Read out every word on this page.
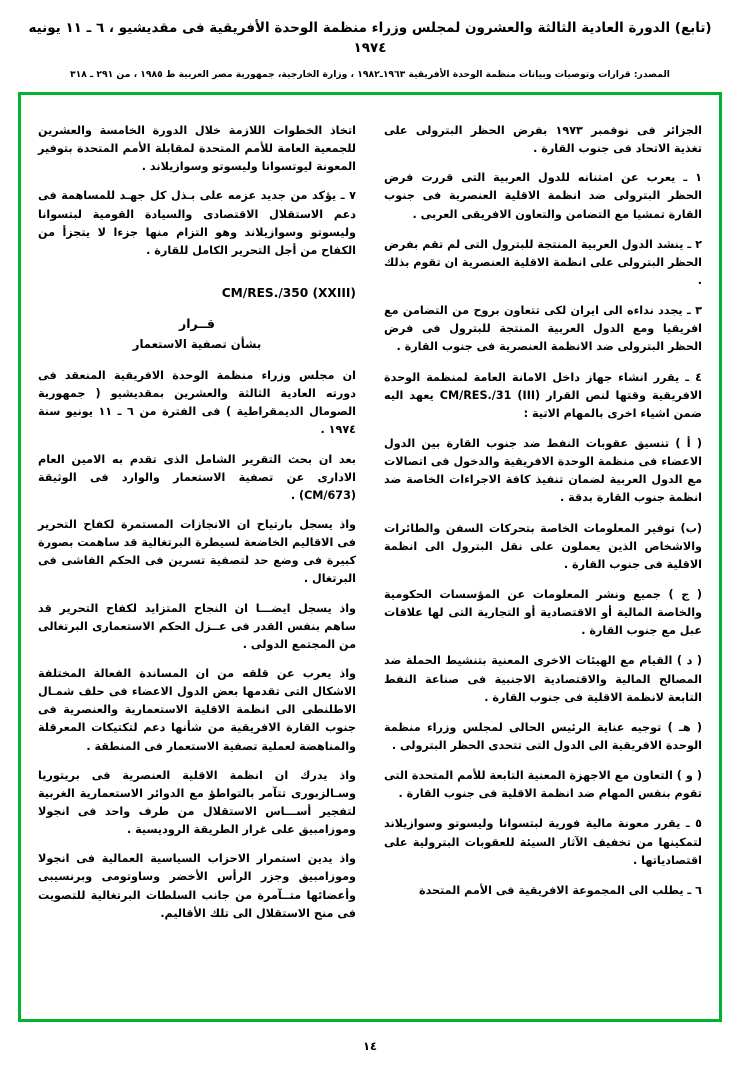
(تابع) الدورة العادية الثالثة والعشرون لمجلس وزراء منظمة الوحدة الأفريقية فى مقديشيو ، ٦ ـ ١١ يونيه ١٩٧٤
المصدر: قرارات وتوصيات وبيانات منظمة الوحدة الأفريقية ١٩٦٣ـ١٩٨٢ ، وزارة الخارجية، جمهورية مصر العربية ط ١٩٨٥ ، من ٢٩١ ـ ٣١٨
الجزائر فى نوفمبر ١٩٧٣ بفرض الحظر البترولى على تغذية الاتحاد فى جنوب القارة .
١ ـ يعرب عن امتنانه للدول العربية التى قررت فرض الحظر البترولى ضد انظمة الاقلية العنصرية فى جنوب القارة تمشيا مع التضامن والتعاون الافريقى العربى .
٢ ـ ينشد الدول العربية المنتجة للبترول التى لم تقم بفرض الحظر البترولى على انظمة الاقلية العنصرية ان تقوم بذلك .
٣ ـ يجدد نداءه الى ايران لكى تتعاون بروح من التضامن مع افريقيا ومع الدول العربية المنتجة للبترول فى فرض الحظر البترولى ضد الانظمة العنصرية فى جنوب القارة .
٤ ـ يقرر انشاء جهاز داخل الامانة العامة لمنظمة الوحدة الافريقية وقتها لنص القرار CM/RES./31 (III) يعهد اليه ضمن اشياء اخرى بالمهام الاتية :
( أ ) تنسيق عقوبات النفط ضد جنوب القارة بين الدول الاعضاء فى منظمة الوحدة الافريقية والدخول فى اتصالات مع الدول العربية لضمان تنفيذ كافة الاجراءات الخاصة ضد انظمة جنوب القارة بدقة .
(ب) توفير المعلومات الخاصة بتحركات السفن والطائرات والاشخاص الذين يعملون على نقل البترول الى انظمة الاقلية فى جنوب القارة .
( ج ) جميع ونشر المعلومات عن المؤسسات الحكومية والخاصة المالية أو الاقتصادية أو التجارية التى لها علاقات عبل مع جنوب القارة .
( د ) القيام مع الهيئات الاخرى المعنية بتنشيط الحملة ضد المصالح المالية والاقتصادية الاجنبية فى صناعة النفط التابعة لانظمة الاقلية فى جنوب القارة .
( هـ ) توجيه عناية الرئيس الحالى لمجلس وزراء منظمة الوحدة الافريقية الى الدول التى تتحدى الحظر البترولى .
( و ) التعاون مع الاجهزة المعنية التابعة للأمم المتحدة التى تقوم بنفس المهام ضد انظمة الاقلية فى جنوب القارة .
٥ ـ يقرر معونة مالية فورية لبتسوانا وليسوتو وسوازيلاند لتمكينها من تخفيف الآثار السيئة للعقوبات البترولية على اقتصادياتها .
٦ ـ يطلب الى المجموعة الافريقية فى الأمم المتحدة
اتخاذ الخطوات اللازمة خلال الدورة الخامسة والعشرين للجمعية العامة للأمم المتحدة لمقابلة الأمم المتحدة بتوفير المعونة ليوتسوانا وليسوتو وسوازيلاند .
٧ ـ يؤكد من جديد عزمه على بـذل كل جهـد للمساهمة فى دعم الاستقلال الاقتصادى والسيادة القومية لبتسوانا وليسوتو وسوازيلاند وهو التزام منها جزءا لا يتجزأ من الكفاح من أجل التحرير الكامل للقارة .
CM/RES./350 (XXIII)
قــرار
بشأن تصفية الاستعمار
ان مجلس وزراء منظمة الوحدة الافريقية المنعقد فى دورته العادية الثالثة والعشرين بمقديشيو ( جمهورية الصومال الديمقراطية ) فى الفترة من ٦ ـ ١١ يونيو سنة ١٩٧٤ .
بعد ان بحث التقرير الشامل الذى تقدم به الامين العام الادارى عن تصفية الاستعمار والوارد فى الوثيقة (CM/673) .
واذ يسجل بارتياح ان الانجازات المستمرة لكفاح التحرير فى الاقاليم الخاضعة لسيطرة البرتغالية قد ساهمت بصورة كبيرة فى وضع حد لتصفية تسرين فى الحكم الفاشى فى البرتغال .
واذ يسجل ايضـــا ان النجاح المتزايد لكفاح التحرير قد ساهم بنفس القدر فى عــزل الحكم الاستعمارى البرتغالى من المجتمع الدولى .
واذ يعرب عن قلقه من ان المساندة الفعالة المختلفة الاشكال التى تقدمها بعض الدول الاعضاء فى حلف شمـال الاطلنطى الى انظمة الاقلية الاستعمارية والعنصرية فى جنوب القارة الافريقية من شأنها دعم لتكتيكات المعرقلة والمناهضة لعملية تصفية الاستعمار فى المنطقة .
واذ يدرك ان انظمة الاقلية العنصرية فى بريتوريا وسـالزبورى تتآمر بالتواطؤ مع الدوائر الاستعمارية الغربية لتفجير أســـاس الاستقلال من طرف واحد فى انجولا وموزامبيق على غرار الطريقة الروديسية .
واذ يدين استمرار الاحزاب السياسية العمالية فى انجولا وموزامبيق وجزر الرأس الأخضر وساوتومى وبرنسيبى وأعضائها متــآمرة من جانب السلطات البرتغالية للتصويت فى منح الاستقلال الى تلك الأقاليم.
١٤
